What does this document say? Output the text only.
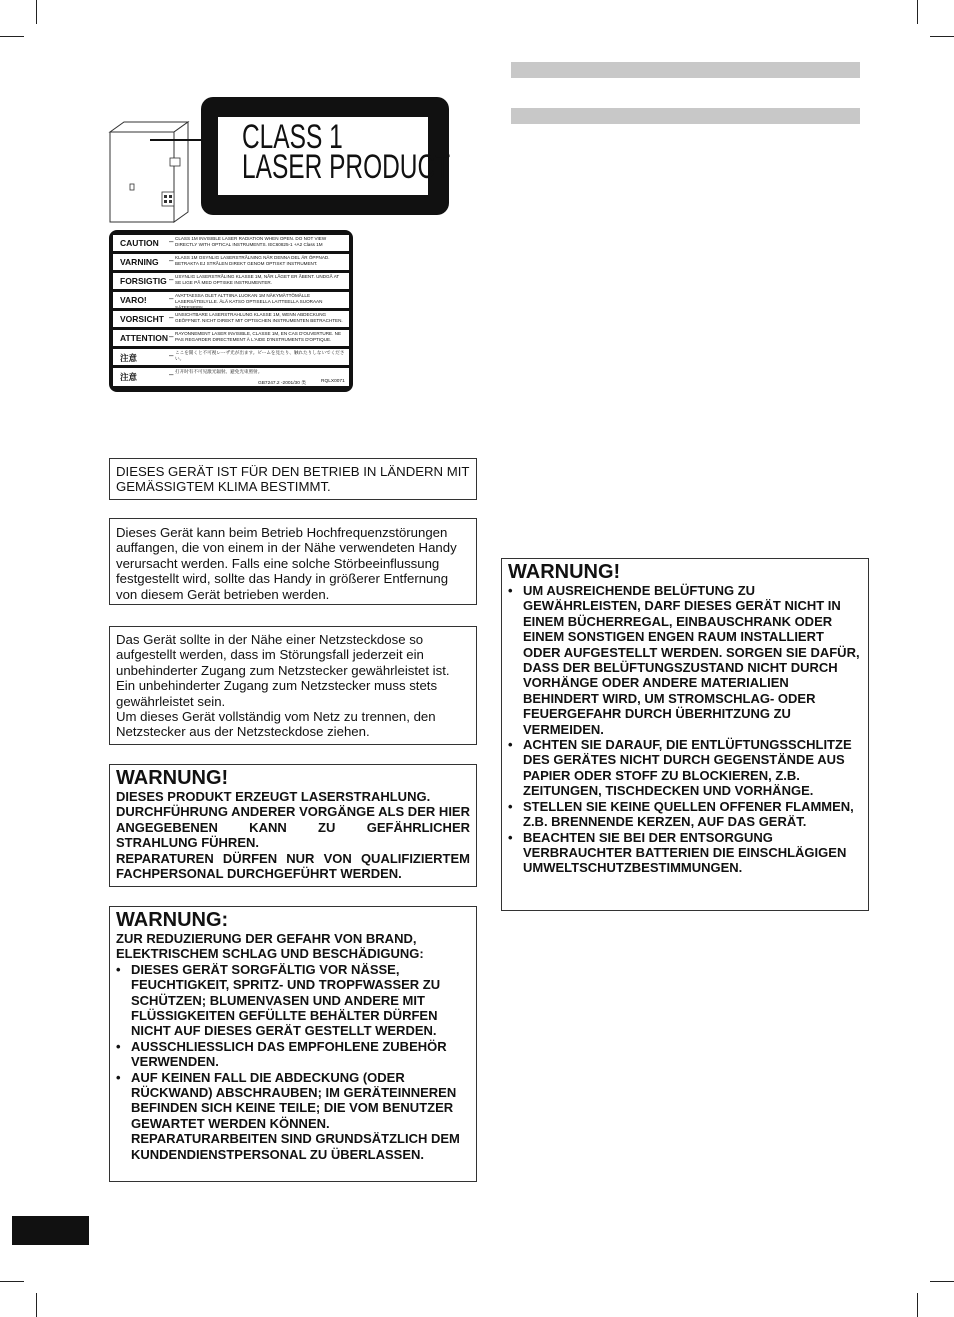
CLASS 1
LASER PRODUCT
CAUTION – CLASS 1M INVISIBLE LASER RADIATION WHEN OPEN. DO NOT VIEW DIRECTLY WITH OPTICAL INSTRUMENTS. IEC60825-1 +A2 Class 1M
VARNING – KLASS 1M OSYNLIG LASERSTRÅLNING NÄR DENNA DEL ÄR ÖPPNAD. BETRAKTA EJ STRÅLEN DIREKT GENOM OPTISKT INSTRUMENT.
FORSIGTIG – USYNLIG LASERSTRÅLING KLASSE 1M, NÅR LÅGET ER ÅBENT. UNDGÅ AT SE LIGE PÅ MED OPTISKE INSTRUMENTER.
VARO!	– AVATTAESSA OLET ALTTIINA LUOKAN 1M NÄKYMÄTTÖMÄLLE LASERSÄTEILYLLE. ÄLÄ KATSO OPTISELLA LAITTEELLA SUORAAN SÄTEESEEN.
VORSICHT – UNSICHTBARE LASERSTRAHLUNG KLASSE 1M, WENN ABDECKUNG GEÖFFNET. NICHT DIREKT MIT OPTISCHEN INSTRUMENTEN BETRACHTEN.
ATTENTION – RAYONNEMENT LASER INVISIBLE, CLASSE 1M, EN CAS D'OUVERTURE. NE PAS REGARDER DIRECTEMENT À L'AIDE D'INSTRUMENTS D'OPTIQUE.
注意	– ここを開くと不可視レーザ光が出ます。ビームを見たり、触れたりしないでください。
注意	– 打开时有不可见激光辐射。避免光束照射。
GB7247.2 -2001/30 类	RQLX0071
DIESES GERÄT IST FÜR DEN BETRIEB IN LÄNDERN MIT GEMÄSSIGTEM KLIMA BESTIMMT.
Dieses Gerät kann beim Betrieb Hochfrequenzstörungen auffangen, die von einem in der Nähe verwendeten Handy verursacht werden. Falls eine solche Störbeeinflussung festgestellt wird, sollte das Handy in größerer Entfernung von diesem Gerät betrieben werden.
Das Gerät sollte in der Nähe einer Netzsteckdose so aufgestellt werden, dass im Störungsfall jederzeit ein unbehinderter Zugang zum Netzstecker gewährleistet ist.
Ein unbehinderter Zugang zum Netzstecker muss stets gewährleistet sein.
Um dieses Gerät vollständig vom Netz zu trennen, den Netzstecker aus der Netzsteckdose ziehen.
WARNUNG!
DIESES PRODUKT ERZEUGT LASERSTRAHLUNG.
DURCHFÜHRUNG ANDERER VORGÄNGE ALS DER HIER ANGEGEBENEN KANN ZU GEFÄHRLICHER STRAHLUNG FÜHREN.
REPARATUREN DÜRFEN NUR VON QUALIFIZIERTEM FACHPERSONAL DURCHGEFÜHRT WERDEN.
WARNUNG:
ZUR REDUZIERUNG DER GEFAHR VON BRAND, ELEKTRISCHEM SCHLAG UND BESCHÄDIGUNG:
• DIESES GERÄT SORGFÄLTIG VOR NÄSSE, FEUCHTIGKEIT, SPRITZ- UND TROPFWASSER ZU SCHÜTZEN; BLUMENVASEN UND ANDERE MIT FLÜSSIGKEITEN GEFÜLLTE BEHÄLTER DÜRFEN NICHT AUF DIESES GERÄT GESTELLT WERDEN.
• AUSSCHLIESSLICH DAS EMPFOHLENE ZUBEHÖR VERWENDEN.
• AUF KEINEN FALL DIE ABDECKUNG (ODER RÜCKWAND) ABSCHRAUBEN; IM GERÄTEINNEREN BEFINDEN SICH KEINE TEILE; DIE VOM BENUTZER GEWARTET WERDEN KÖNNEN. REPARATURARBEITEN SIND GRUNDSÄTZLICH DEM KUNDENDIENSTPERSONAL ZU ÜBERLASSEN.
WARNUNG!
• UM AUSREICHENDE BELÜFTUNG ZU GEWÄHRLEISTEN, DARF DIESES GERÄT NICHT IN EINEM BÜCHERREGAL, EINBAUSCHRANK ODER EINEM SONSTIGEN ENGEN RAUM INSTALLIERT ODER AUFGESTELLT WERDEN. SORGEN SIE DAFÜR, DASS DER BELÜFTUNGSZUSTAND NICHT DURCH VORHÄNGE ODER ANDERE MATERIALIEN BEHINDERT WIRD, UM STROMSCHLAG- ODER FEUERGEFAHR DURCH ÜBERHITZUNG ZU VERMEIDEN.
• ACHTEN SIE DARAUF, DIE ENTLÜFTUNGSSCHLITZE DES GERÄTES NICHT DURCH GEGENSTÄNDE AUS PAPIER ODER STOFF ZU BLOCKIEREN, Z.B. ZEITUNGEN, TISCHDECKEN UND VORHÄNGE.
• STELLEN SIE KEINE QUELLEN OFFENER FLAMMEN, Z.B. BRENNENDE KERZEN, AUF DAS GERÄT.
• BEACHTEN SIE BEI DER ENTSORGUNG VERBRAUCHTER BATTERIEN DIE EINSCHLÄGIGEN UMWELTSCHUTZBESTIMMUNGEN.
